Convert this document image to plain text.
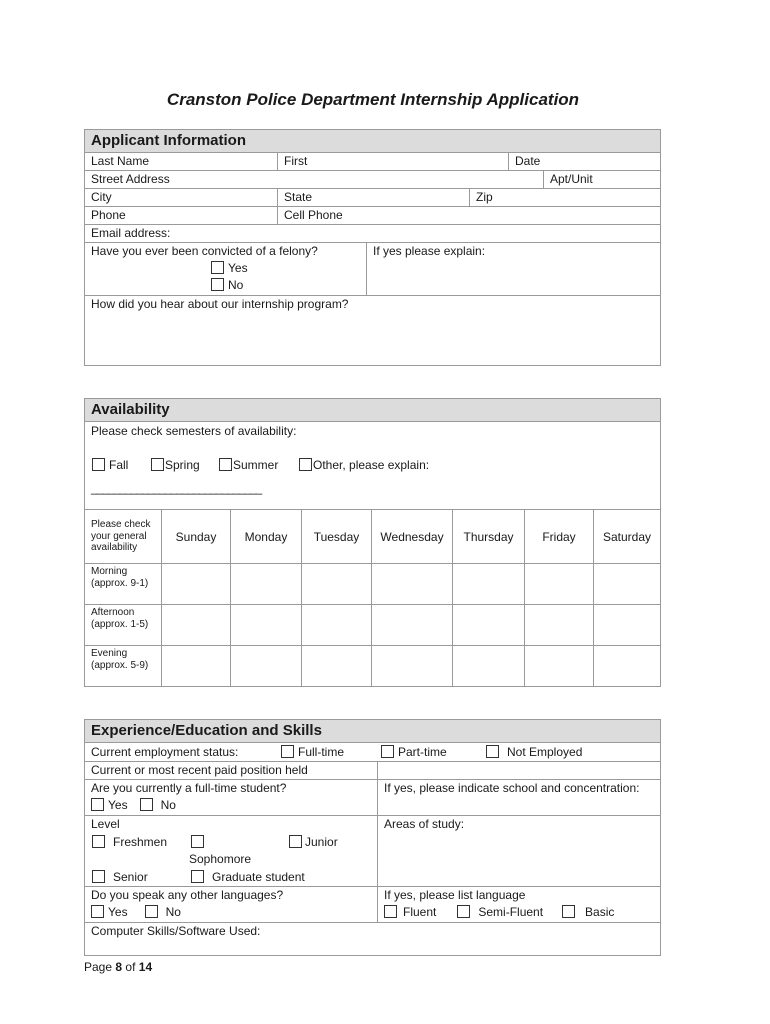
Cranston Police Department Internship Application
Applicant Information
Last Name	First	Date
Street Address	Apt/Unit
City	State	Zip
Phone	Cell Phone
Email address:
Have you ever been convicted of a felony?
Yes
No
If yes please explain:
How did you hear about our internship program?
Availability
Please check semesters of availability:
Fall	Spring	Summer	Other, please explain:
______________________________
Please check your general availability	Sunday	Monday	Tuesday	Wednesday	Thursday	Friday	Saturday
Morning (approx. 9-1)							
Afternoon (approx. 1-5)							
Evening (approx. 5-9)							
Experience/Education and Skills
Current employment status:	Full-time	Part-time	Not Employed
Current or most recent paid position held
Are you currently a full-time student?
Yes	No
If yes, please indicate school and concentration:
Level
Freshmen
Sophomore
Junior
Senior	Graduate student
Areas of study:
Do you speak any other languages?
Yes	No
If yes, please list language
Fluent	Semi-Fluent	Basic
Computer Skills/Software Used:
Page 8 of 14
